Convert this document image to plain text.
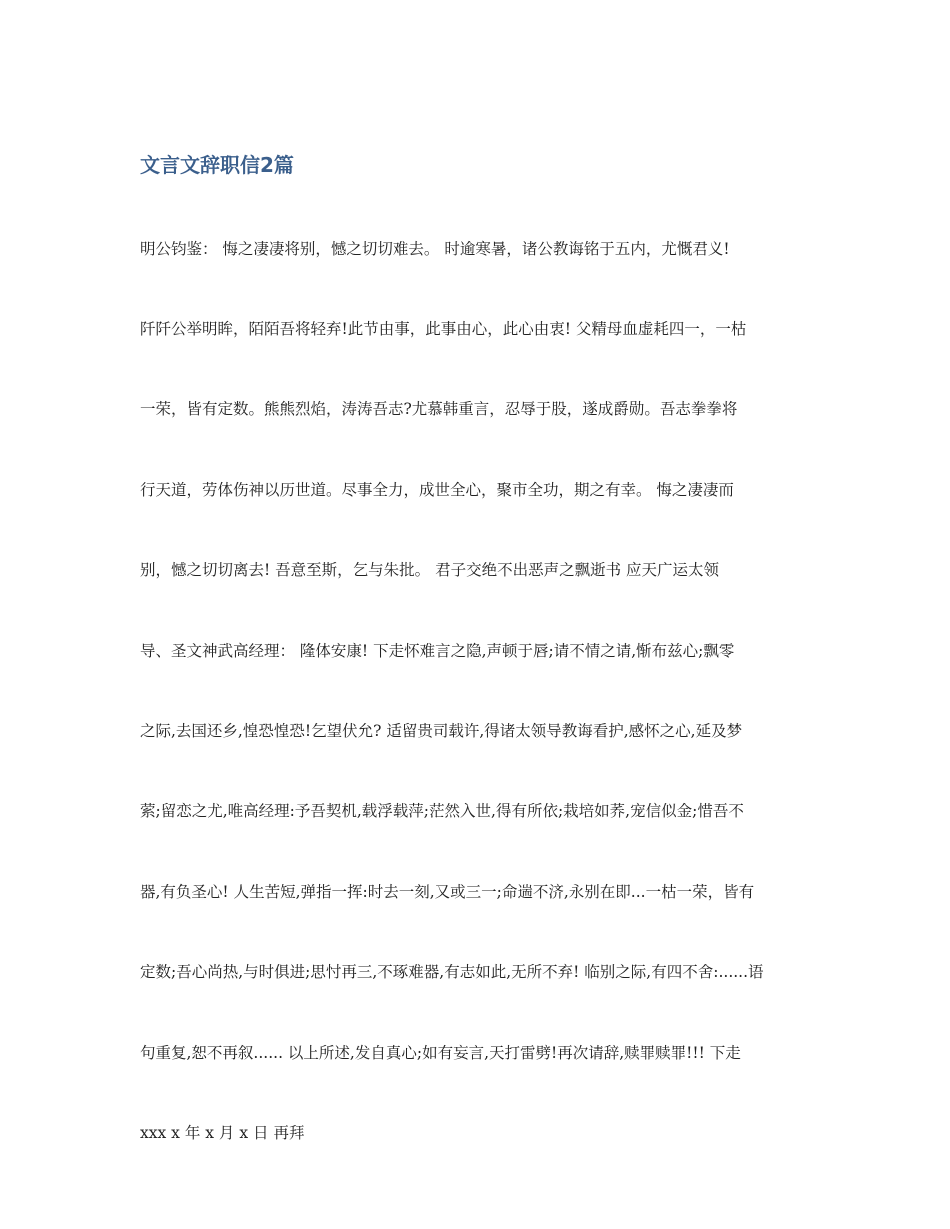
文言文辞职信2篇

明公钧鉴： 悔之凄凄将别，憾之切切难去。 时逾寒暑，诸公教诲铭于五内，尤慨君义!

阡阡公举明眸，陌陌吾将轻弃!此节由事，此事由心，此心由衷! 父精母血虚耗四一，一枯

一荣，皆有定数。熊熊烈焰，涛涛吾志?尤慕韩重言，忍辱于股，遂成爵勋。吾志拳拳将

行天道，劳体伤神以历世道。尽事全力，成世全心，聚市全功，期之有幸。 悔之凄凄而

别，憾之切切离去! 吾意至斯，乞与朱批。 君子交绝不出恶声之飘逝书 应天广运太领

导、圣文神武高经理： 隆体安康! 下走怀难言之隐,声顿于唇;请不情之请,惭布兹心;飘零

之际,去国还乡,惶恐惶恐!乞望伏允? 适留贵司载许,得诸太领导教诲看护,感怀之心,延及梦

萦;留恋之尤,唯高经理:予吾契机,载浮载萍;茫然入世,得有所依;栽培如荞,宠信似金;惜吾不

器,有负圣心! 人生苦短,弹指一挥:时去一刻,又或三一;命遄不济,永别在即...一枯一荣，皆有

定数;吾心尚热,与时俱进;思忖再三,不琢难器,有志如此,无所不弃! 临别之际,有四不舍:......语

句重复,恕不再叙...... 以上所述,发自真心;如有妄言,天打雷劈!再次请辞,赎罪赎罪!!! 下走

xxx x 年 x 月 x 日 再拜
